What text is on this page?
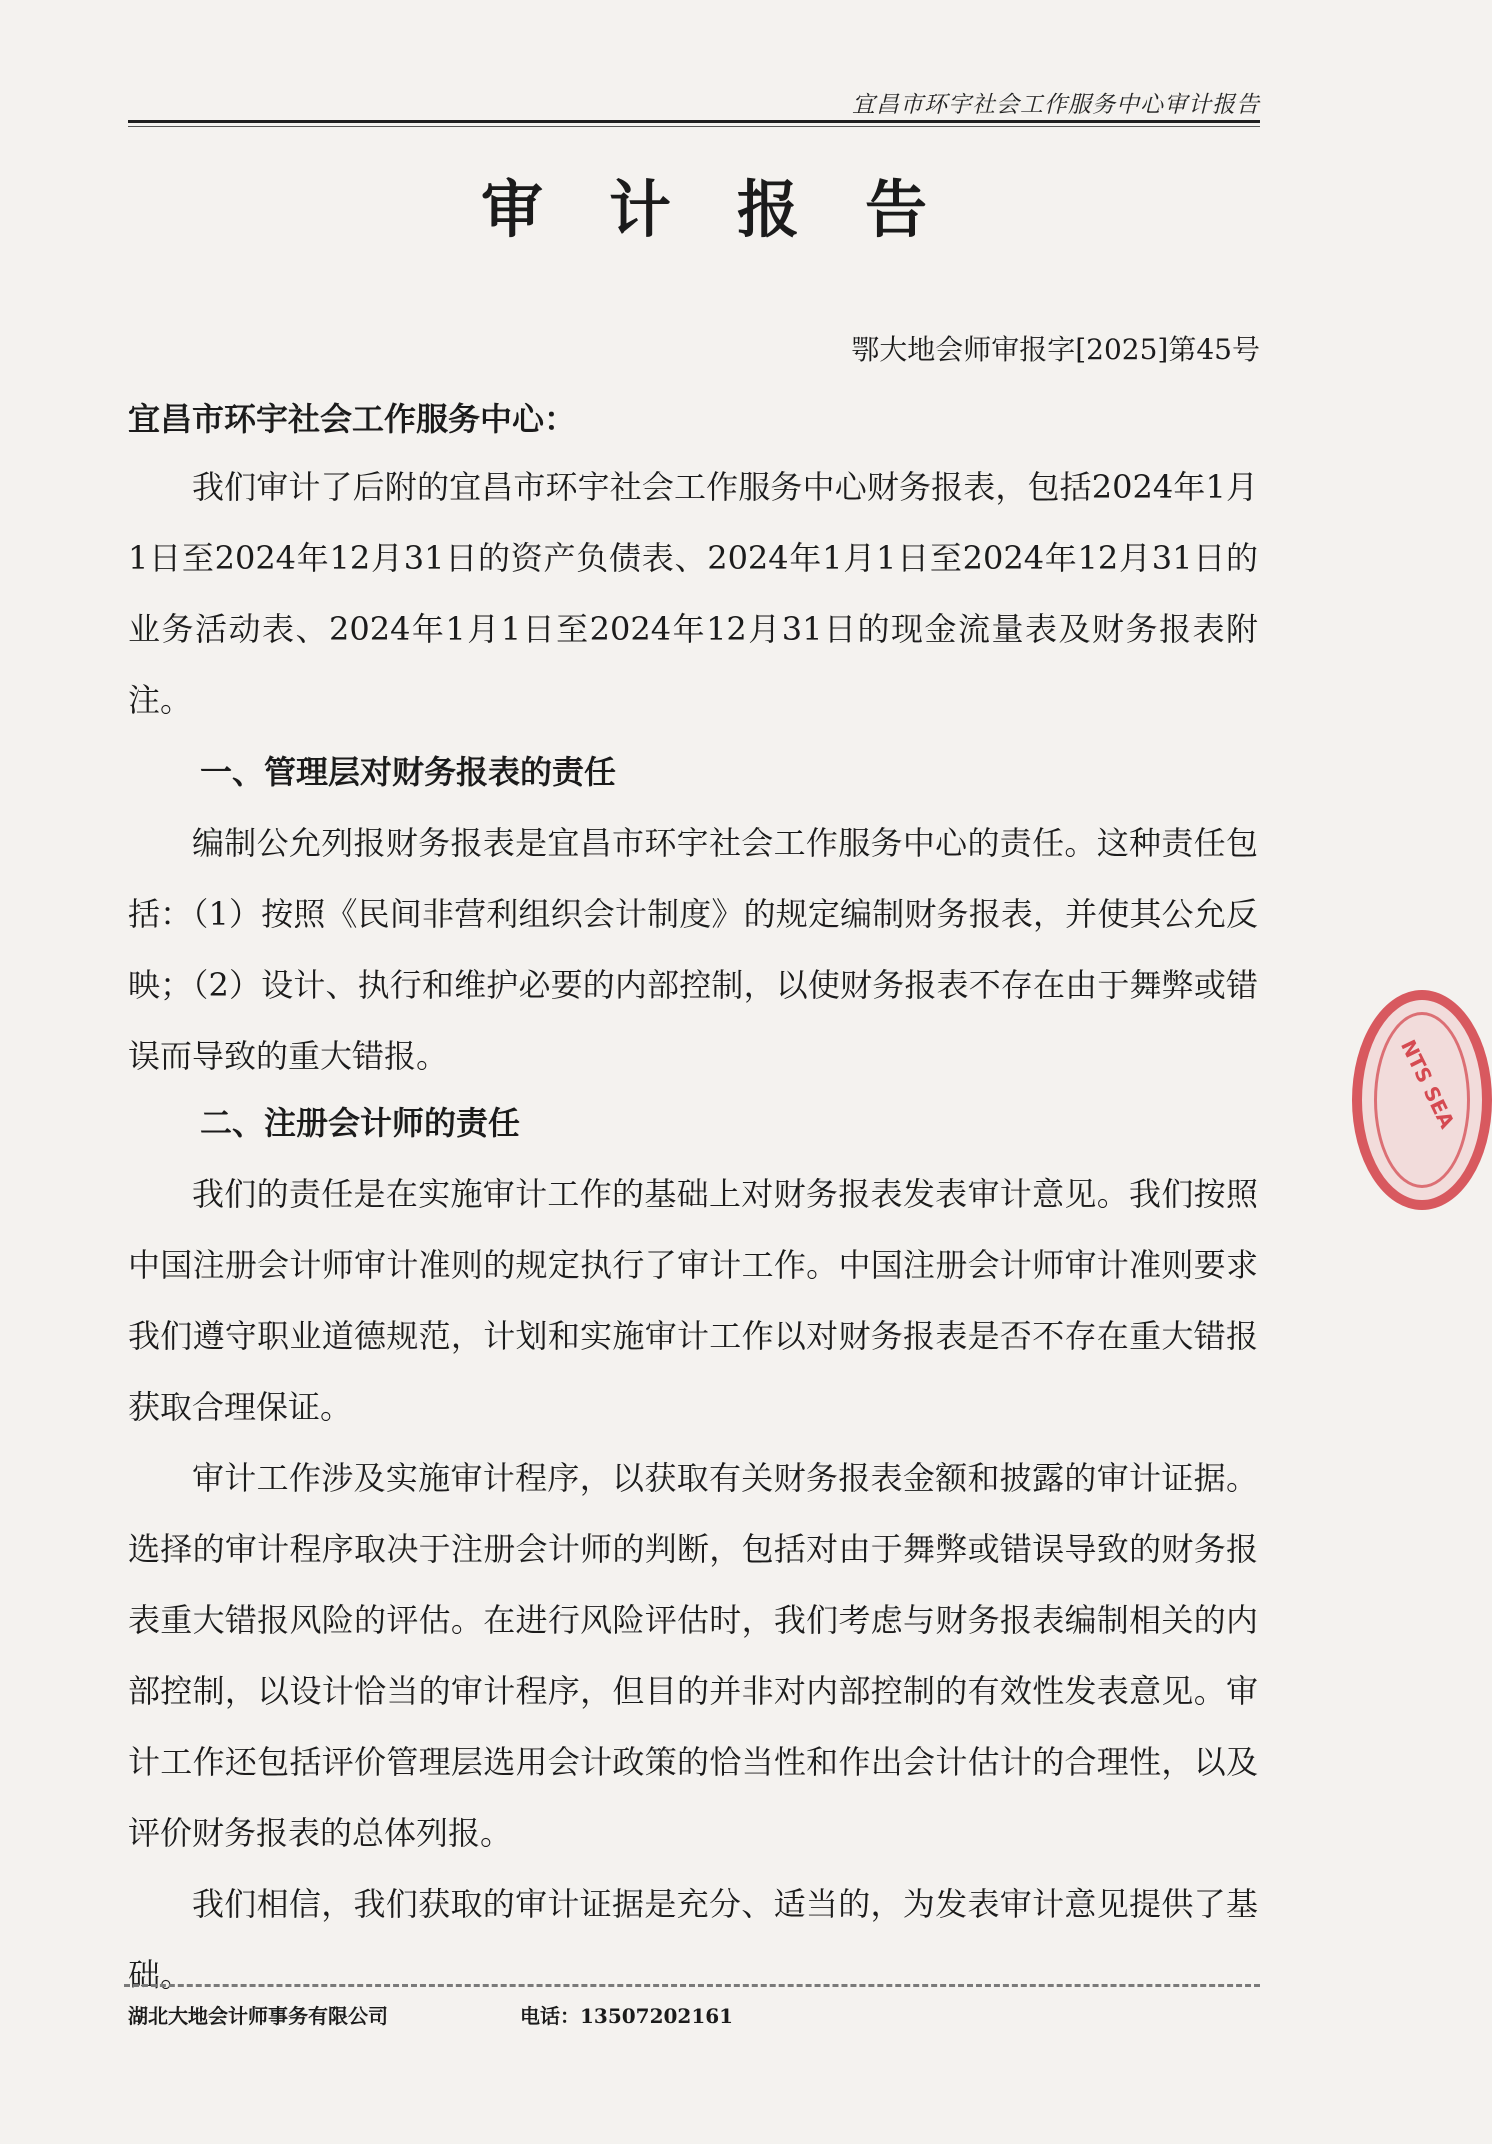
宜昌市环宇社会工作服务中心审计报告
审计报告
鄂大地会师审报字[2025]第45号
宜昌市环宇社会工作服务中心：

我们审计了后附的宜昌市环宇社会工作服务中心财务报表，包括2024年1月1日至2024年12月31日的资产负债表、2024年1月1日至2024年12月31日的业务活动表、2024年1月1日至2024年12月31日的现金流量表及财务报表附注。

一、管理层对财务报表的责任

编制公允列报财务报表是宜昌市环宇社会工作服务中心的责任。这种责任包括：（1）按照《民间非营利组织会计制度》的规定编制财务报表，并使其公允反映；（2）设计、执行和维护必要的内部控制，以使财务报表不存在由于舞弊或错误而导致的重大错报。

二、注册会计师的责任

我们的责任是在实施审计工作的基础上对财务报表发表审计意见。我们按照中国注册会计师审计准则的规定执行了审计工作。中国注册会计师审计准则要求我们遵守职业道德规范，计划和实施审计工作以对财务报表是否不存在重大错报获取合理保证。

审计工作涉及实施审计程序，以获取有关财务报表金额和披露的审计证据。选择的审计程序取决于注册会计师的判断，包括对由于舞弊或错误导致的财务报表重大错报风险的评估。在进行风险评估时，我们考虑与财务报表编制相关的内部控制，以设计恰当的审计程序，但目的并非对内部控制的有效性发表意见。审计工作还包括评价管理层选用会计政策的恰当性和作出会计估计的合理性，以及评价财务报表的总体列报。

我们相信，我们获取的审计证据是充分、适当的，为发表审计意见提供了基础。

NTS SEA
湖北大地会计师事务有限公司	电话：13507202161
